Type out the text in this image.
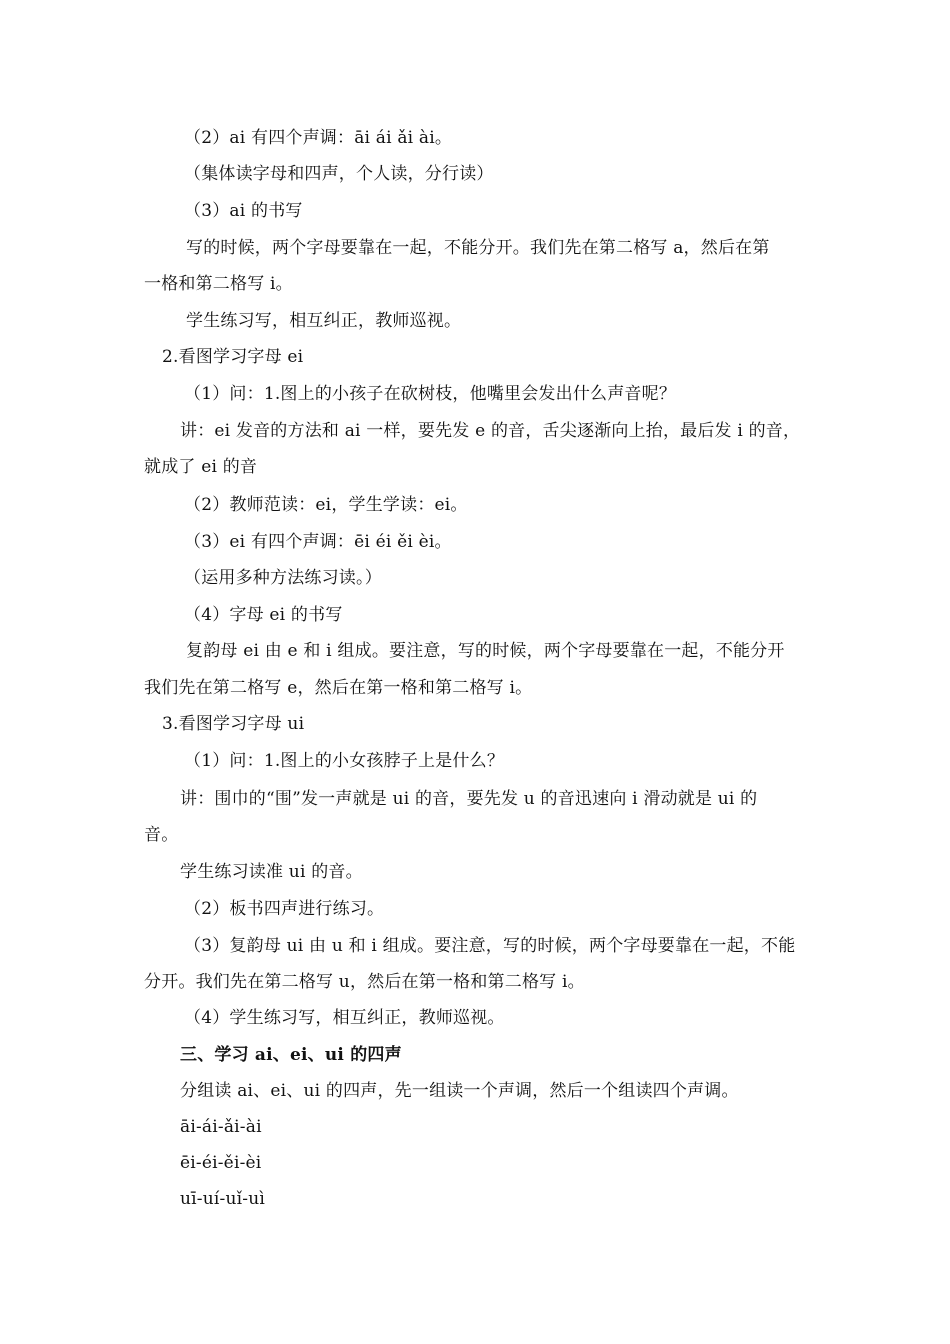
（2）ai 有四个声调：āi ái ǎi ài。
（集体读字母和四声，个人读，分行读）
（3）ai 的书写
写的时候，两个字母要靠在一起，不能分开。我们先在第二格写 a，然后在第
一格和第二格写 i。
学生练习写，相互纠正，教师巡视。
2.看图学习字母 ei
（1）问：1.图上的小孩子在砍树枝，他嘴里会发出什么声音呢？
讲：ei 发音的方法和 ai 一样，要先发 e 的音，舌尖逐渐向上抬，最后发 i 的音，
就成了 ei 的音
（2）教师范读：ei，学生学读：ei。
（3）ei 有四个声调：ēi éi ěi èi。
（运用多种方法练习读。）
（4）字母 ei 的书写
复韵母 ei 由 e 和 i 组成。要注意，写的时候，两个字母要靠在一起，不能分开
我们先在第二格写 e，然后在第一格和第二格写 i。
3.看图学习字母 ui
（1）问：1.图上的小女孩脖子上是什么？
讲：围巾的“围”发一声就是 ui 的音，要先发 u 的音迅速向 i 滑动就是 ui 的
音。
学生练习读准 ui 的音。
（2）板书四声进行练习。
（3）复韵母 ui 由 u 和 i 组成。要注意，写的时候，两个字母要靠在一起，不能
分开。我们先在第二格写 u，然后在第一格和第二格写 i。
（4）学生练习写，相互纠正，教师巡视。
三、学习 ai、ei、ui 的四声
分组读 ai、ei、ui 的四声，先一组读一个声调，然后一个组读四个声调。
āi-ái-ǎi-ài
ēi-éi-ěi-èi
uī-uí-uǐ-uì
